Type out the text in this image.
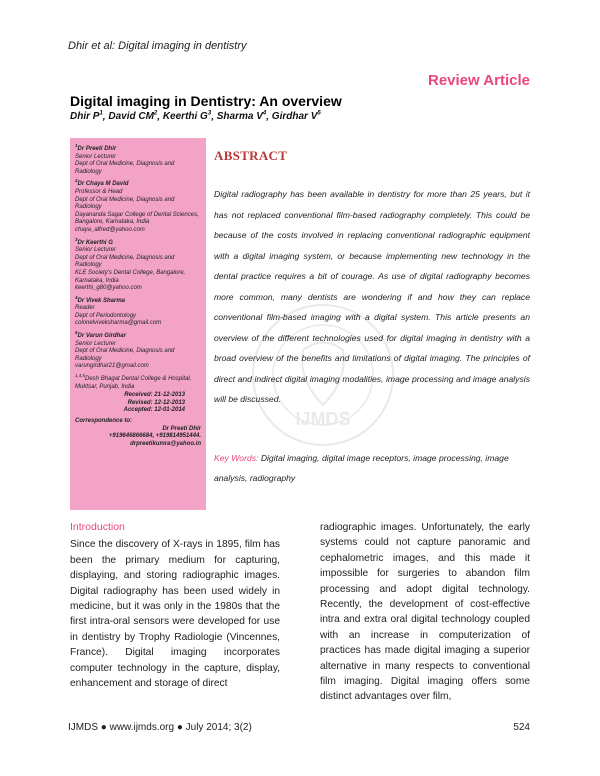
Dhir et al: Digital imaging in dentistry
Review Article
Digital imaging in Dentistry: An overview
Dhir $P^1$, David $CM^2$, Keerthi $G^3$, Sharma $V^4$, Girdhar $V^5$
$^1$Dr Preeti Dhir
Senior Lecturer
Dept of Oral Medicine, Diagnosis and Radiology
$^2$Dr Chaya M David
Professor & Head
Dept of Oral Medicine, Diagnosis and Radiology
Dayananda Sagar College of Dental Sciences, Bangalore, Karnataka, India
chaya_alfred@yahoo.com
$^3$Dr Keerthi G
Senior Lecturer
Dept of Oral Medicine, Diagnosis and Radiology
KLE Society's Dental College, Bangalore, Karnataka, India
keerthi_g80@yahoo.com
$^4$Dr Vivek Sharma
Reader
Dept of Periodontology
colonelviveksharma@gmail.com
$^5$Dr Varun Girdhar
Senior Lecturer
Dept of Oral Medicine, Diagnosis and Radiology
varungirdhar21@gmail.com
$^{1,4,5}$Desh Bhagat Dental College & Hospital, Muktsar, Punjab, India
Received: 21-12-2013
Revised: 12-12-2013
Accepted: 12-01-2014
Correspondence to:
Dr Preeti Dhir
+919646866684, +919814951444.
drpreetikumra@yahoo.in
IJMDS
ABSTRACT
Digital radiography has been available in dentistry for more than 25 years, but it has not replaced conventional film-based radiography completely. This could be because of the costs involved in replacing conventional radiographic equipment with a digital imaging system, or because implementing new technology in the dental practice requires a bit of courage. As use of digital radiography becomes more common, many dentists are wondering if and how they can replace conventional film-based imaging with a digital system. This article presents an overview of the different technologies used for digital imaging in dentistry with a broad overview of the benefits and limitations of digital imaging. The principles of direct and indirect digital imaging modalities, image processing and image analysis will be discussed.
Key Words: Digital imaging, digital image receptors, image processing, image analysis, radiography
Introduction
Since the discovery of X-rays in 1895, film has been the primary medium for capturing, displaying, and storing radiographic images. Digital radiography has been used widely in medicine, but it was only in the 1980s that the first intra-oral sensors were developed for use in dentistry by Trophy Radiologie (Vincennes, France). Digital imaging incorporates computer technology in the capture, display, enhancement and storage of direct
radiographic images. Unfortunately, the early systems could not capture panoramic and cephalometric images, and this made it impossible for surgeries to abandon film processing and adopt digital technology. Recently, the development of cost-effective intra and extra oral digital technology coupled with an increase in computerization of practices has made digital imaging a superior alternative in many respects to conventional film imaging. Digital imaging offers some distinct advantages over film,
IJMDS ● www.ijmds.org ● July 2014; 3(2)	524
